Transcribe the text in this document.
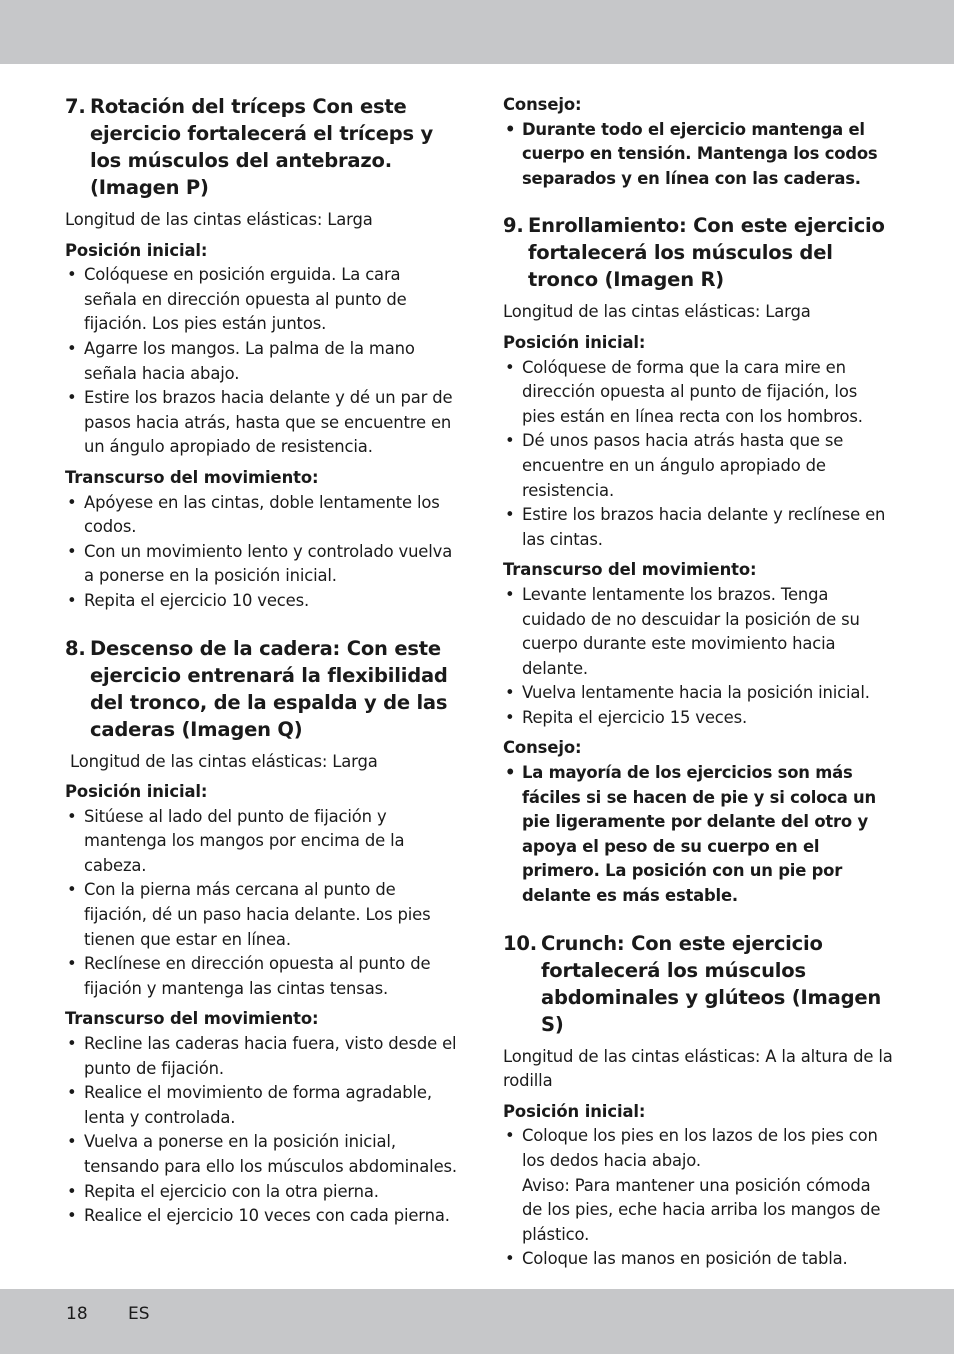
7. Rotación del tríceps Con este ejercicio fortalecerá el tríceps y los músculos del antebrazo. (Imagen P)
Longitud de las cintas elásticas: Larga
Posición inicial:
• Colóquese en posición erguida. La cara señala en dirección opuesta al punto de fijación. Los pies están juntos.
• Agarre los mangos. La palma de la mano señala hacia abajo.
• Estire los brazos hacia delante y dé un par de pasos hacia atrás, hasta que se encuentre en un ángulo apropiado de resistencia.
Transcurso del movimiento:
• Apóyese en las cintas, doble lentamente los codos.
• Con un movimiento lento y controlado vuelva a ponerse en la posición inicial.
• Repita el ejercicio 10 veces.
8. Descenso de la cadera: Con este ejercicio entrenará la flexibilidad del tronco, de la espalda y de las caderas (Imagen Q)
Longitud de las cintas elásticas: Larga
Posición inicial:
• Sitúese al lado del punto de fijación y mantenga los mangos por encima de la cabeza.
• Con la pierna más cercana al punto de fijación, dé un paso hacia delante. Los pies tienen que estar en línea.
• Reclínese en dirección opuesta al punto de fijación y mantenga las cintas tensas.
Transcurso del movimiento:
• Recline las caderas hacia fuera, visto desde el punto de fijación.
• Realice el movimiento de forma agradable, lenta y controlada.
• Vuelva a ponerse en la posición inicial, tensando para ello los músculos abdominales.
• Repita el ejercicio con la otra pierna.
• Realice el ejercicio 10 veces con cada pierna.
Consejo:
• Durante todo el ejercicio mantenga el cuerpo en tensión. Mantenga los codos separados y en línea con las caderas.
9. Enrollamiento: Con este ejercicio fortalecerá los músculos del tronco (Imagen R)
Longitud de las cintas elásticas: Larga
Posición inicial:
• Colóquese de forma que la cara mire en dirección opuesta al punto de fijación, los pies están en línea recta con los hombros.
• Dé unos pasos hacia atrás hasta que se encuentre en un ángulo apropiado de resistencia.
• Estire los brazos hacia delante y reclínese en las cintas.
Transcurso del movimiento:
• Levante lentamente los brazos. Tenga cuidado de no descuidar la posición de su cuerpo durante este movimiento hacia delante.
• Vuelva lentamente hacia la posición inicial.
• Repita el ejercicio 15 veces.
Consejo:
• La mayoría de los ejercicios son más fáciles si se hacen de pie y si coloca un pie ligeramente por delante del otro y apoya el peso de su cuerpo en el primero. La posición con un pie por delante es más estable.
10. Crunch: Con este ejercicio fortalecerá los músculos abdominales y glúteos (Imagen S)
Longitud de las cintas elásticas: A la altura de la rodilla
Posición inicial:
• Coloque los pies en los lazos de los pies con los dedos hacia abajo.
Aviso: Para mantener una posición cómoda de los pies, eche hacia arriba los mangos de plástico.
• Coloque las manos en posición de tabla.
18 ES
